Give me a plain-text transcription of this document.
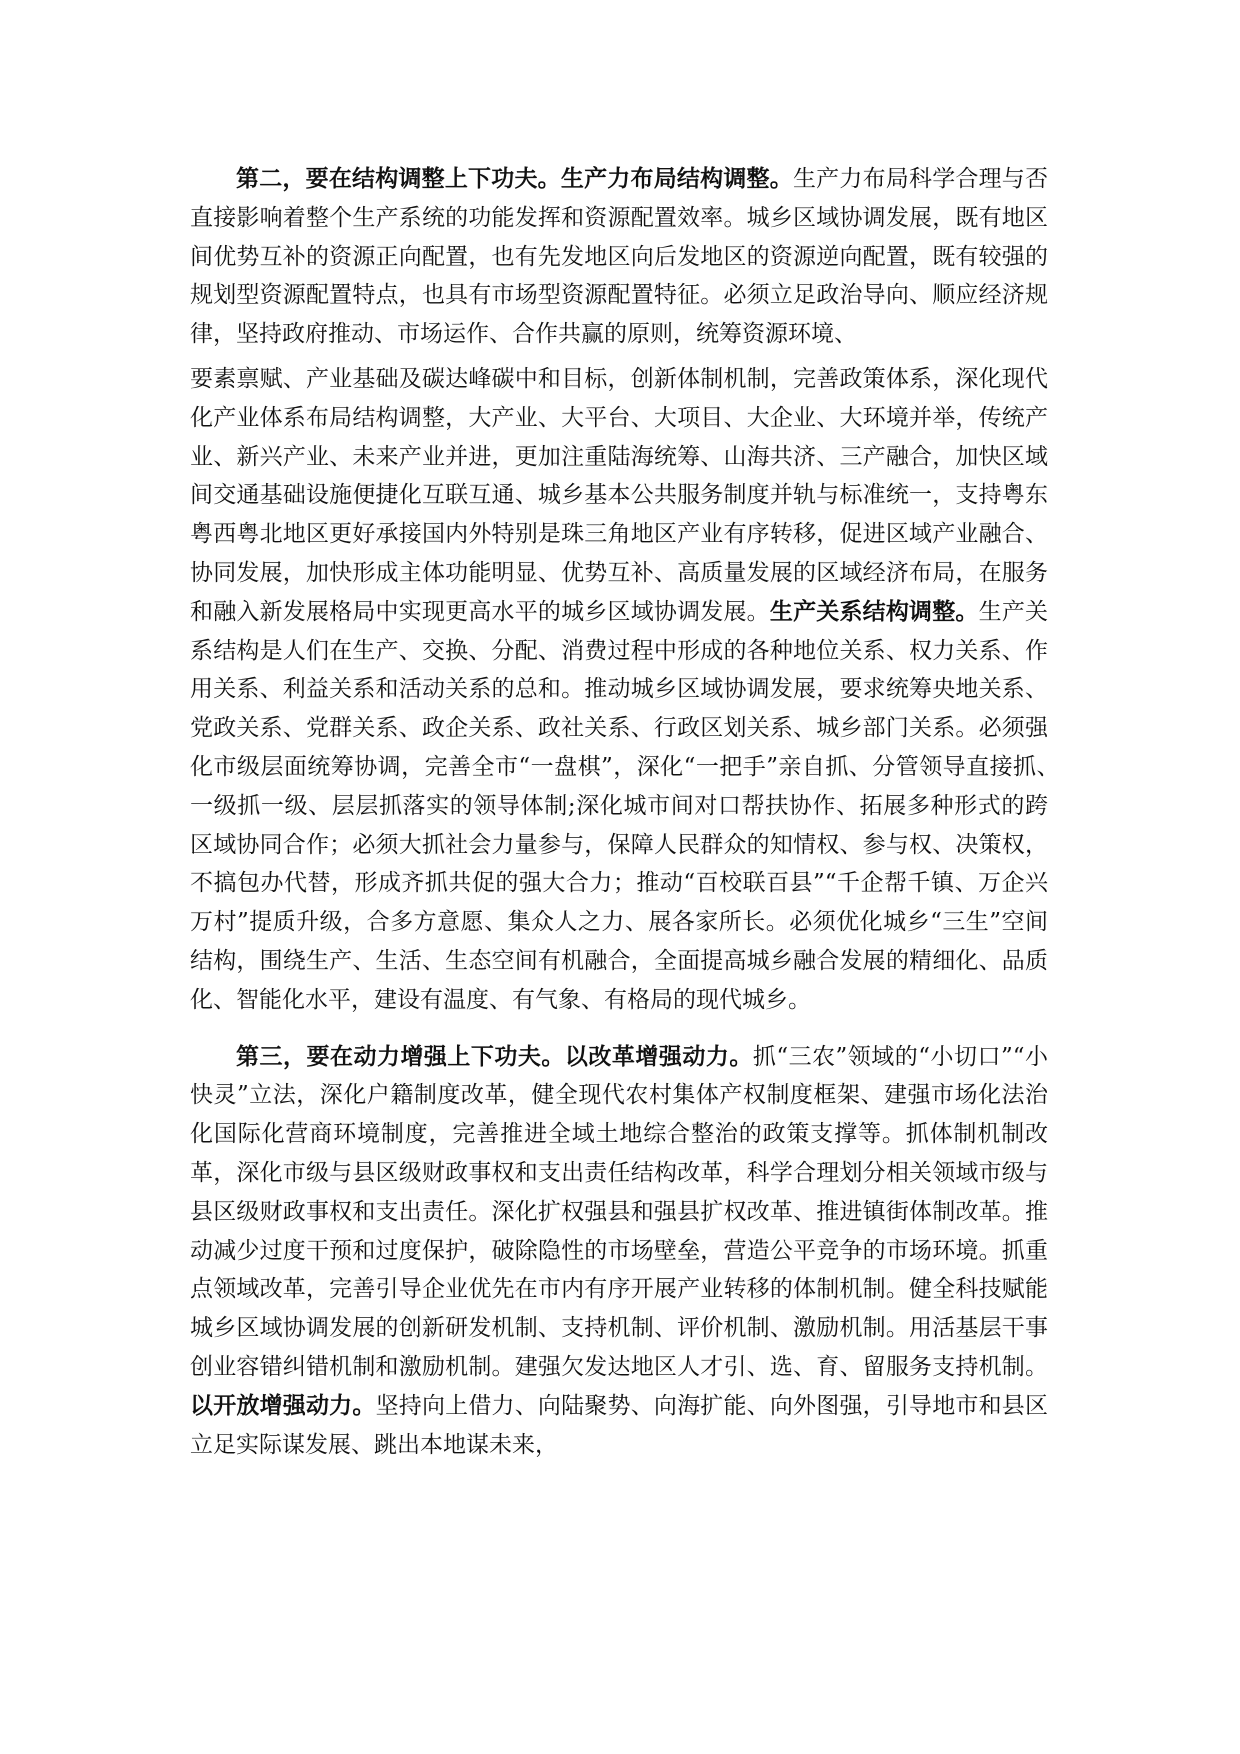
第二，要在结构调整上下功夫。生产力布局结构调整。生产力布局科学合理与否直接影响着整个生产系统的功能发挥和资源配置效率。城乡区域协调发展，既有地区间优势互补的资源正向配置，也有先发地区向后发地区的资源逆向配置，既有较强的规划型资源配置特点，也具有市场型资源配置特征。必须立足政治导向、顺应经济规律，坚持政府推动、市场运作、合作共赢的原则，统筹资源环境、

要素禀赋、产业基础及碳达峰碳中和目标，创新体制机制，完善政策体系，深化现代化产业体系布局结构调整，大产业、大平台、大项目、大企业、大环境并举，传统产业、新兴产业、未来产业并进，更加注重陆海统筹、山海共济、三产融合，加快区域间交通基础设施便捷化互联互通、城乡基本公共服务制度并轨与标准统一，支持粤东粤西粤北地区更好承接国内外特别是珠三角地区产业有序转移，促进区域产业融合、协同发展，加快形成主体功能明显、优势互补、高质量发展的区域经济布局，在服务和融入新发展格局中实现更高水平的城乡区域协调发展。生产关系结构调整。生产关系结构是人们在生产、交换、分配、消费过程中形成的各种地位关系、权力关系、作用关系、利益关系和活动关系的总和。推动城乡区域协调发展，要求统筹央地关系、党政关系、党群关系、政企关系、政社关系、行政区划关系、城乡部门关系。必须强化市级层面统筹协调，完善全市“一盘棋”，深化“一把手”亲自抓、分管领导直接抓、　一级抓一级、层层抓落实的领导体制;深化城市间对口帮扶协作、拓展多种形式的跨区域协同合作；必须大抓社会力量参与，保障人民群众的知情权、参与权、决策权，不搞包办代替，形成齐抓共促的强大合力；推动“百校联百县”“千企帮千镇、万企兴万村”提质升级，合多方意愿、集众人之力、展各家所长。必须优化城乡“三生”空间结构，围绕生产、生活、生态空间有机融合，全面提高城乡融合发展的精细化、品质化、智能化水平，建设有温度、有气象、有格局的现代城乡。

第三，要在动力增强上下功夫。以改革增强动力。抓“三农”领域的“小切口”“小快灵”立法，深化户籍制度改革，健全现代农村集体产权制度框架、建强市场化法治化国际化营商环境制度，完善推进全域土地综合整治的政策支撑等。抓体制机制改革，深化市级与县区级财政事权和支出责任结构改革，科学合理划分相关领域市级与县区级财政事权和支出责任。深化扩权强县和强县扩权改革、推进镇街体制改革。推动减少过度干预和过度保护，破除隐性的市场壁垒，营造公平竞争的市场环境。抓重点领域改革，完善引导企业优先在市内有序开展产业转移的体制机制。健全科技赋能城乡区域协调发展的创新研发机制、支持机制、评价机制、激励机制。用活基层干事创业容错纠错机制和激励机制。建强欠发达地区人才引、选、育、留服务支持机制。以开放增强动力。坚持向上借力、向陆聚势、向海扩能、向外图强，引导地市和县区立足实际谋发展、跳出本地谋未来，
